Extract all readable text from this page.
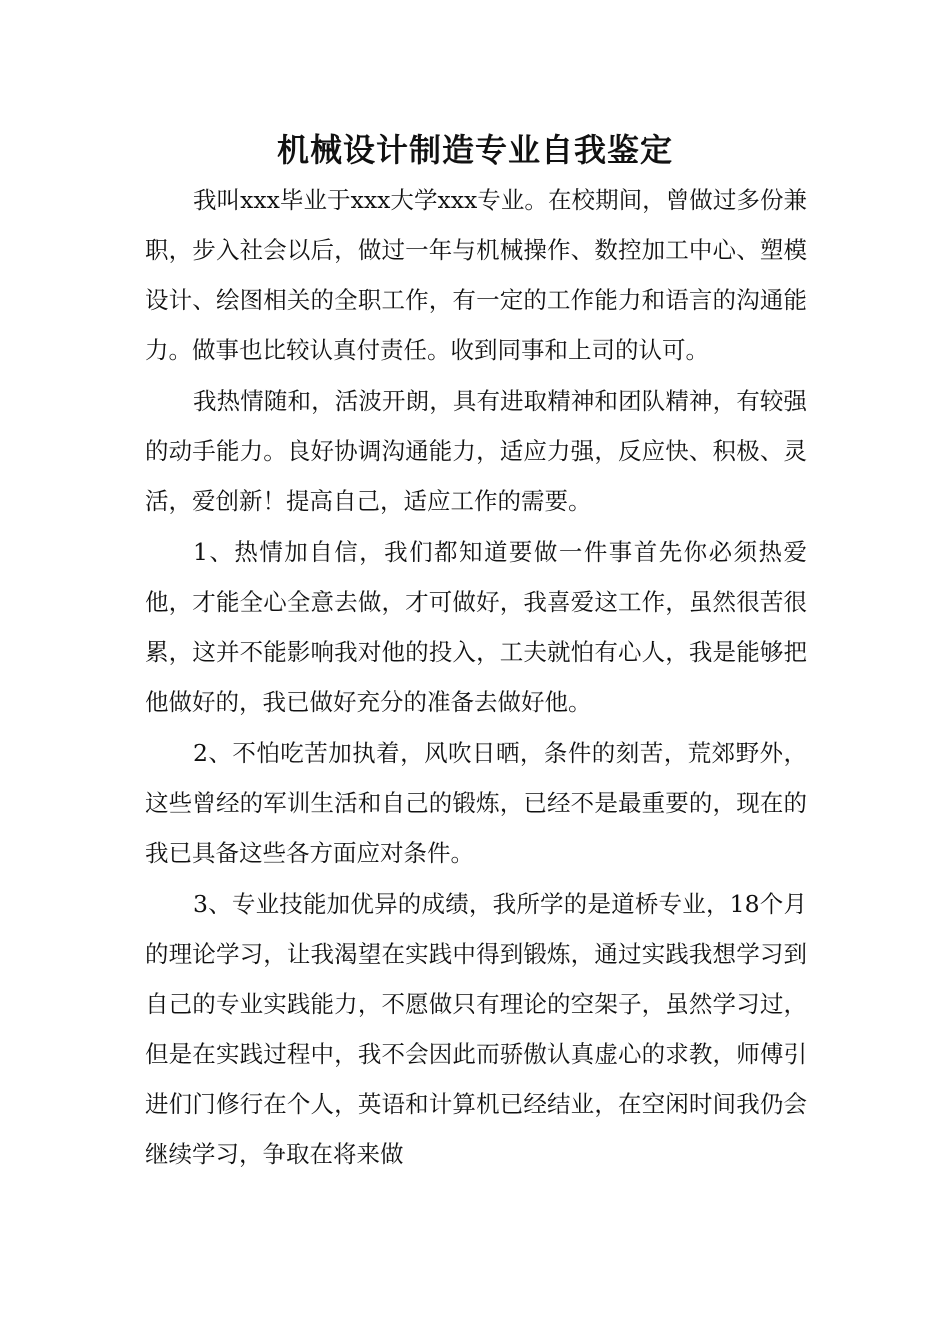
机械设计制造专业自我鉴定

我叫xxx毕业于xxx大学xxx专业。在校期间，曾做过多份兼职，步入社会以后，做过一年与机械操作、数控加工中心、塑模设计、绘图相关的全职工作，有一定的工作能力和语言的沟通能力。做事也比较认真付责任。收到同事和上司的认可。

我热情随和，活波开朗，具有进取精神和团队精神，有较强的动手能力。良好协调沟通能力，适应力强，反应快、积极、灵活，爱创新！提高自己，适应工作的需要。

1、热情加自信，我们都知道要做一件事首先你必须热爱他，才能全心全意去做，才可做好，我喜爱这工作，虽然很苦很累，这并不能影响我对他的投入，工夫就怕有心人，我是能够把他做好的，我已做好充分的准备去做好他。

2、不怕吃苦加执着，风吹日晒，条件的刻苦，荒郊野外，这些曾经的军训生活和自己的锻炼，已经不是最重要的，现在的我已具备这些各方面应对条件。

3、专业技能加优异的成绩，我所学的是道桥专业，18个月的理论学习，让我渴望在实践中得到锻炼，通过实践我想学习到自己的专业实践能力，不愿做只有理论的空架子，虽然学习过，但是在实践过程中，我不会因此而骄傲认真虚心的求教，师傅引进们门修行在个人，英语和计算机已经结业，在空闲时间我仍会继续学习，争取在将来做
